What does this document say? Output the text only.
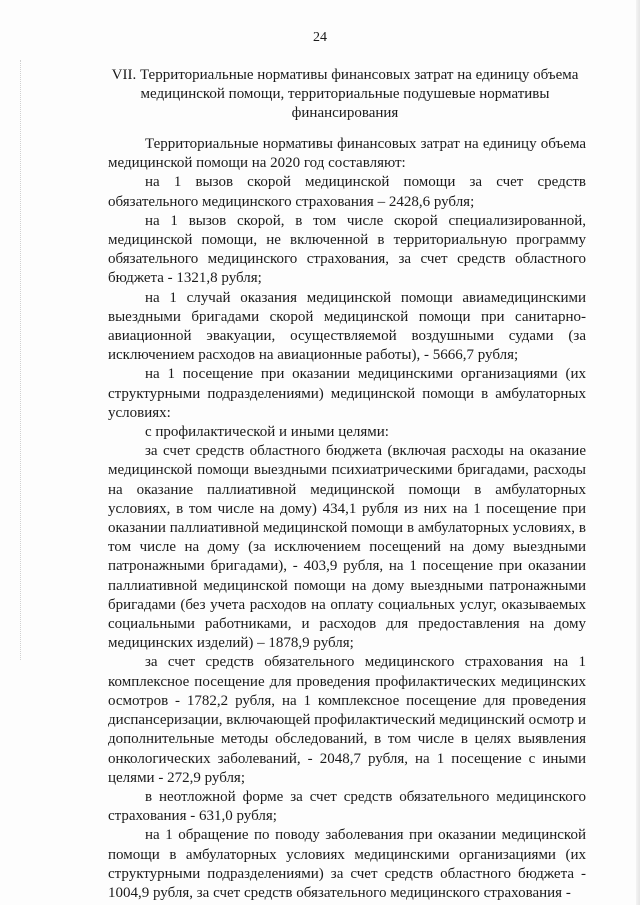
24
VII. Территориальные нормативы финансовых затрат на единицу объема
медицинской помощи, территориальные подушевые нормативы
финансирования

Территориальные нормативы финансовых затрат на единицу объема медицинской помощи на 2020 год составляют:

на 1 вызов скорой медицинской помощи за счет средств обязательного медицинского страхования – 2428,6 рубля;

на 1 вызов скорой, в том числе скорой специализированной, медицинской помощи, не включенной в территориальную программу обязательного медицинского страхования, за счет средств областного бюджета - 1321,8 рубля;

на 1 случай оказания медицинской помощи авиамедицинскими выездными бригадами скорой медицинской помощи при санитарно-авиационной эвакуации, осуществляемой воздушными судами (за исключением расходов на авиационные работы), - 5666,7 рубля;

на 1 посещение при оказании медицинскими организациями (их структурными подразделениями) медицинской помощи в амбулаторных условиях:

с профилактической и иными целями:

за счет средств областного бюджета (включая расходы на оказание медицинской помощи выездными психиатрическими бригадами, расходы на оказание паллиативной медицинской помощи в амбулаторных условиях, в том числе на дому) 434,1 рубля из них на 1 посещение при оказании паллиативной медицинской помощи в амбулаторных условиях, в том числе на дому (за исключением посещений на дому выездными патронажными бригадами), - 403,9 рубля, на 1 посещение при оказании паллиативной медицинской помощи на дому выездными патронажными бригадами (без учета расходов на оплату социальных услуг, оказываемых социальными работниками, и расходов для предоставления на дому медицинских изделий) – 1878,9 рубля;

за счет средств обязательного медицинского страхования на 1 комплексное посещение для проведения профилактических медицинских осмотров - 1782,2 рубля, на 1 комплексное посещение для проведения диспансеризации, включающей профилактический медицинский осмотр и дополнительные методы обследований, в том числе в целях выявления онкологических заболеваний, - 2048,7 рубля, на 1 посещение с иными целями - 272,9 рубля;

в неотложной форме за счет средств обязательного медицинского страхования - 631,0 рубля;

на 1 обращение по поводу заболевания при оказании медицинской помощи в амбулаторных условиях медицинскими организациями (их структурными подразделениями) за счет средств областного бюджета - 1004,9 рубля, за счет средств обязательного медицинского страхования -
